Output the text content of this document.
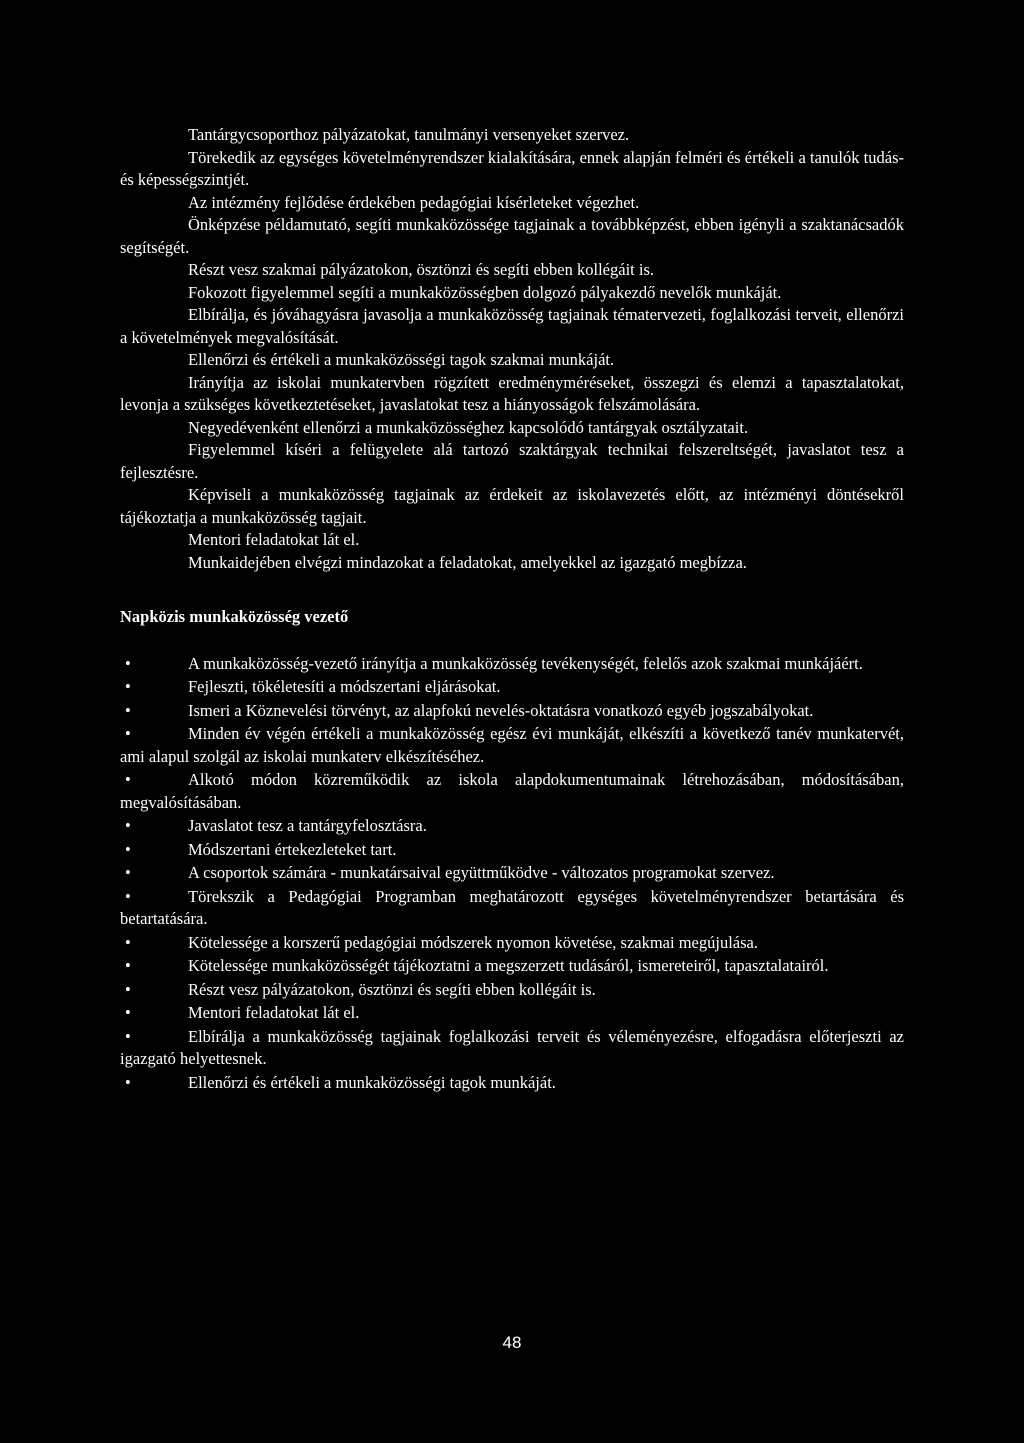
Tantárgycsoporthoz pályázatokat, tanulmányi versenyeket szervez.

Törekedik az egységes követelményrendszer kialakítására, ennek alapján felméri és értékeli a tanulók tudás- és képességszintjét.

Az intézmény fejlődése érdekében pedagógiai kísérleteket végezhet.

Önképzése példamutató, segíti munkaközössége tagjainak a továbbképzést, ebben igényli a szaktanácsadók segítségét.

Részt vesz szakmai pályázatokon, ösztönzi és segíti ebben kollégáit is.

Fokozott figyelemmel segíti a munkaközösségben dolgozó pályakezdő nevelők munkáját.

Elbírálja, és jóváhagyásra javasolja a munkaközösség tagjainak tématervezeti, foglalkozási terveit, ellenőrzi a követelmények megvalósítását.

Ellenőrzi és értékeli a munkaközösségi tagok szakmai munkáját.

Irányítja az iskolai munkatervben rögzített eredményméréseket, összegzi és elemzi a tapasztalatokat, levonja a szükséges következtetéseket, javaslatokat tesz a hiányosságok felszámolására.

Negyedévenként ellenőrzi a munkaközösséghez kapcsolódó tantárgyak osztályzatait.

Figyelemmel kíséri a felügyelete alá tartozó szaktárgyak technikai felszereltségét, javaslatot tesz a fejlesztésre.

Képviseli a munkaközösség tagjainak az érdekeit az iskolavezetés előtt, az intézményi döntésekről tájékoztatja a munkaközösség tagjait.

Mentori feladatokat lát el.

Munkaidejében elvégzi mindazokat a feladatokat, amelyekkel az igazgató megbízza.

Napközis munkaközösség vezető
•	A munkaközösség-vezető irányítja a munkaközösség tevékenységét, felelős azok szakmai munkájáért.
•	Fejleszti, tökéletesíti a módszertani eljárásokat.
•	Ismeri a Köznevelési törvényt, az alapfokú nevelés-oktatásra vonatkozó egyéb jogszabályokat.
•	Minden év végén értékeli a munkaközösség egész évi munkáját, elkészíti a következő tanév munkatervét, ami alapul szolgál az iskolai munkaterv elkészítéséhez.
•	Alkotó módon közreműködik az iskola alapdokumentumainak létrehozásában, módosításában, megvalósításában.
•	Javaslatot tesz a tantárgyfelosztásra.
•	Módszertani értekezleteket tart.
•	A csoportok számára - munkatársaival együttműködve - változatos programokat szervez.
•	Törekszik a Pedagógiai Programban meghatározott egységes követelményrendszer betartására és betartatására.
•	Kötelessége a korszerű pedagógiai módszerek nyomon követése, szakmai megújulása.
•	Kötelessége munkaközösségét tájékoztatni a megszerzett tudásáról, ismereteiről, tapasztalatairól.
•	Részt vesz pályázatokon, ösztönzi és segíti ebben kollégáit is.
•	Mentori feladatokat lát el.
•	Elbírálja a munkaközösség tagjainak foglalkozási terveit és véleményezésre, elfogadásra előterjeszti az igazgató helyettesnek.
•	Ellenőrzi és értékeli a munkaközösségi tagok munkáját.
48
